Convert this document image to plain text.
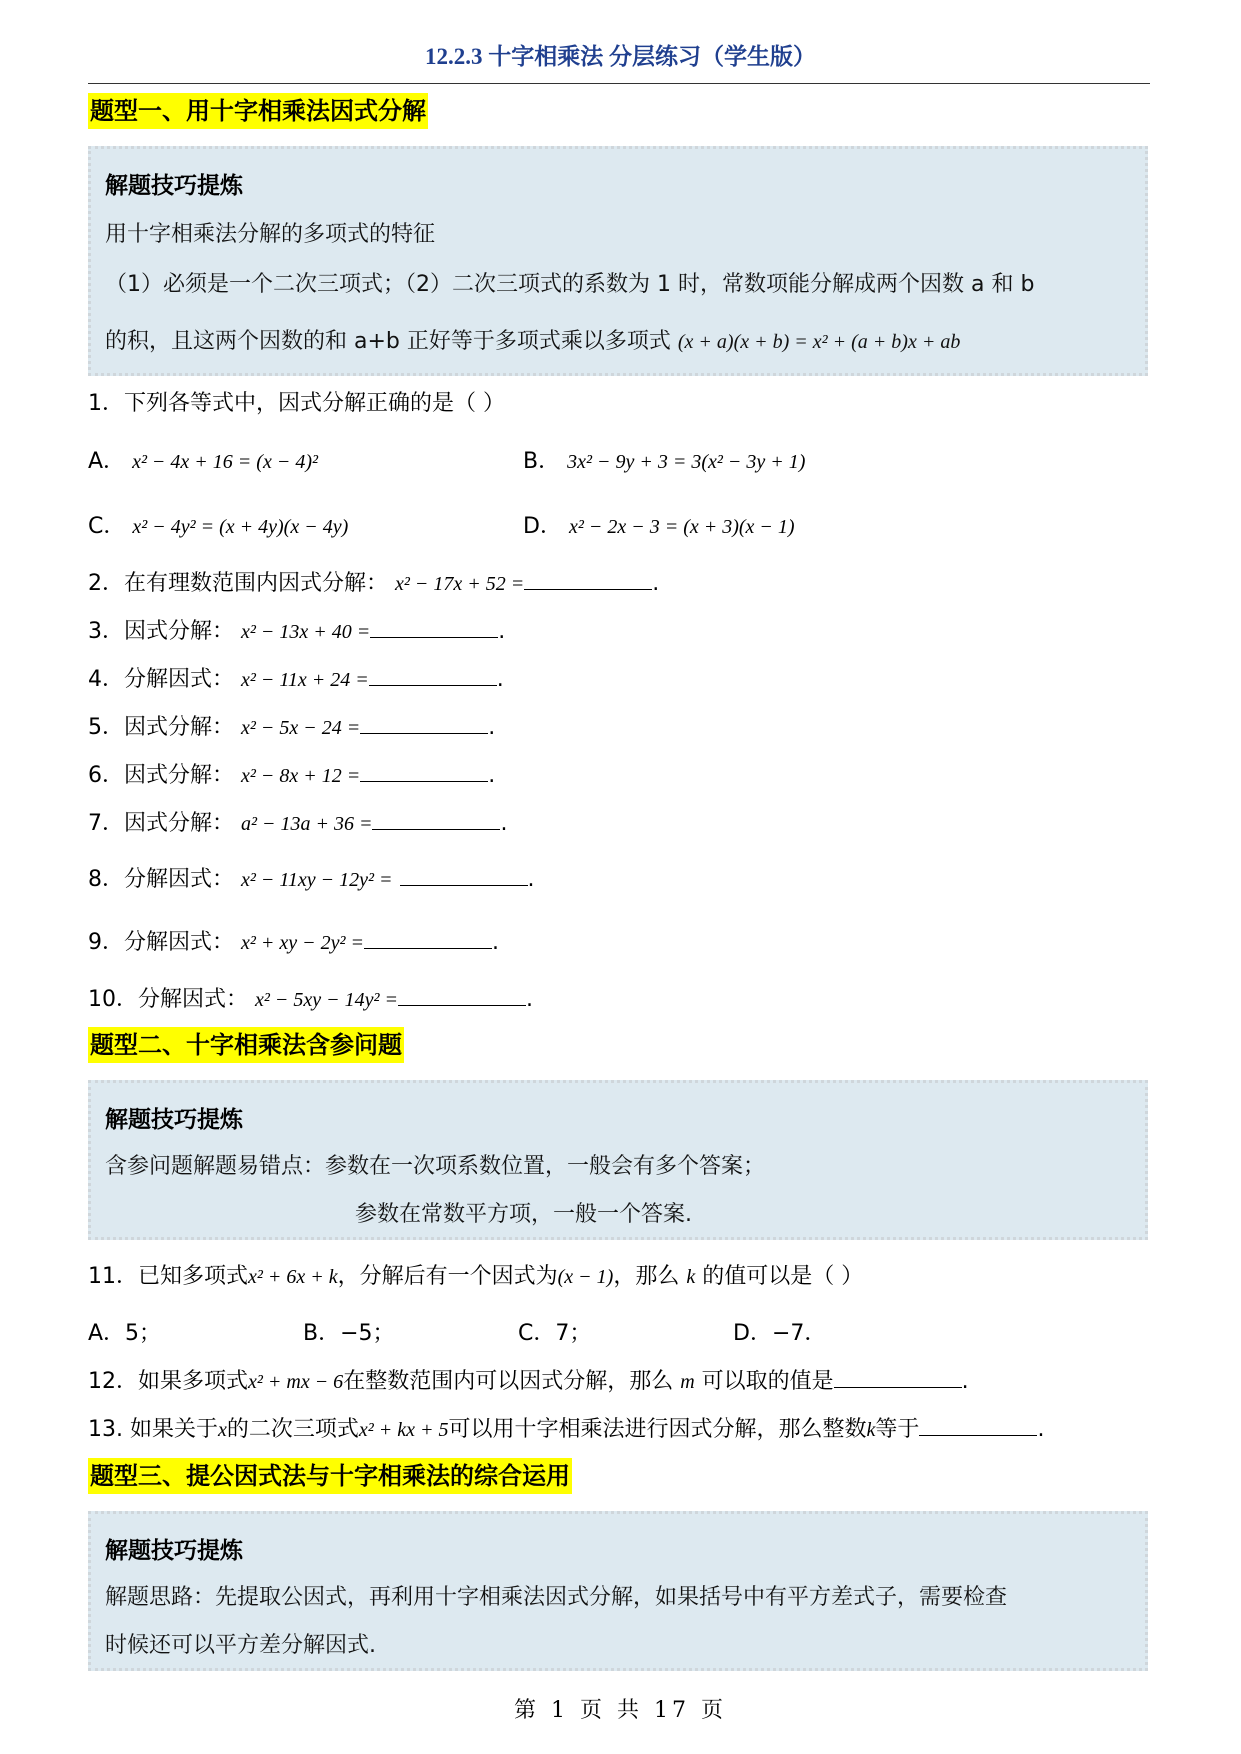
12.2.3 十字相乘法 分层练习（学生版）
题型一、用十字相乘法因式分解
解题技巧提炼
用十字相乘法分解的多项式的特征
（1）必须是一个二次三项式；（2）二次三项式的系数为 1 时，常数项能分解成两个因数 a 和 b
的积，且这两个因数的和 a+b 正好等于多项式乘以多项式 (x + a)(x + b) = x² + (a + b)x + ab
1．下列各等式中，因式分解正确的是（ ）
A． x² − 4x + 16 = (x − 4)²	B． 3x² − 9y + 3 = 3(x² − 3y + 1)
C． x² − 4y² = (x + 4y)(x − 4y)	D． x² − 2x − 3 = (x + 3)(x − 1)
2．在有理数范围内因式分解： x² − 17x + 52 =	.
3．因式分解： x² − 13x + 40 =	.
4．分解因式： x² − 11x + 24 =	.
5．因式分解： x² − 5x − 24 =	.
6．因式分解： x² − 8x + 12 =	.
7．因式分解： a² − 13a + 36 =	.
8．分解因式： x² − 11xy − 12y² =	.
9．分解因式： x² + xy − 2y² =	.
10．分解因式： x² − 5xy − 14y² =	.
题型二、十字相乘法含参问题
解题技巧提炼
含参问题解题易错点：参数在一次项系数位置，一般会有多个答案；
参数在常数平方项，一般一个答案.
11．已知多项式x² + 6x + k，分解后有一个因式为(x − 1)，那么 k 的值可以是（ ）
A．5；	B．−5；	C．7；	D．−7．
12．如果多项式x² + mx − 6在整数范围内可以因式分解，那么 m 可以取的值是	.
13. 如果关于x的二次三项式x² + kx + 5可以用十字相乘法进行因式分解，那么整数k等于	.
题型三、提公因式法与十字相乘法的综合运用
解题技巧提炼
解题思路：先提取公因式，再利用十字相乘法因式分解，如果括号中有平方差式子，需要检查
时候还可以平方差分解因式.
第 1 页 共 17 页
